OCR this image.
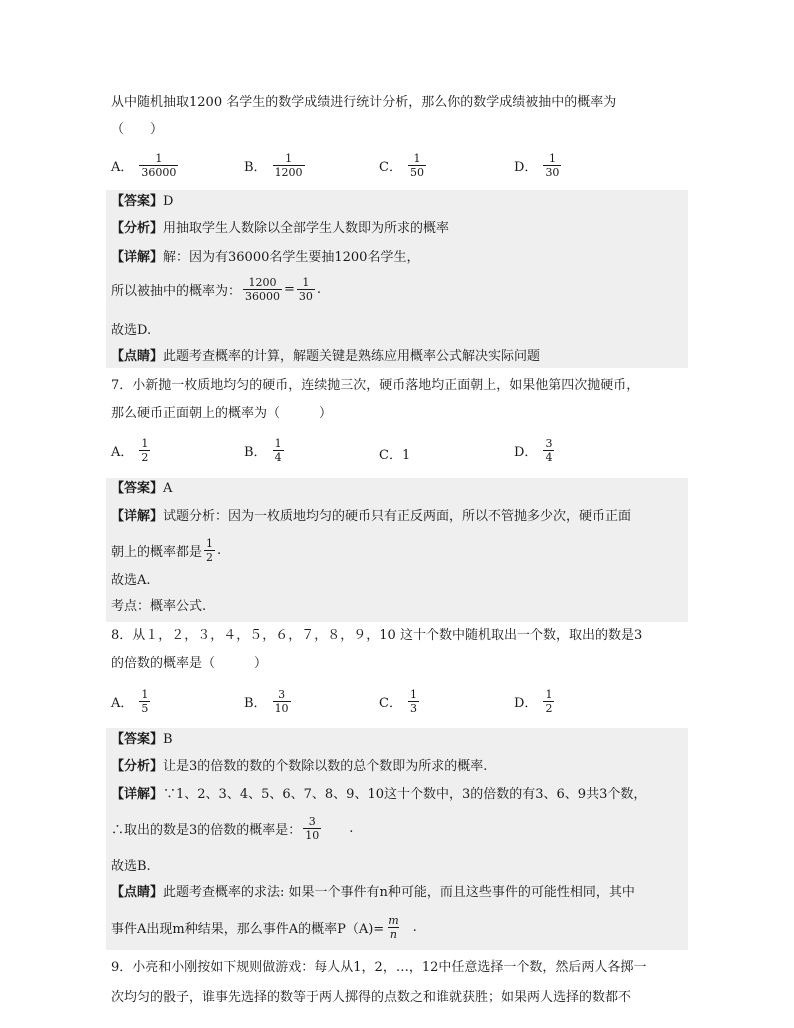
从中随机抽取1200 名学生的数学成绩进行统计分析，那么你的数学成绩被抽中的概率为
（　　）
A． $\frac{1}{36000}$	B． $\frac{1}{1200}$	C． $\frac{1}{50}$	D． $\frac{1}{30}$
【答案】D
【分析】用抽取学生人数除以全部学生人数即为所求的概率
【详解】解：因为有36000名学生要抽1200名学生，
所以被抽中的概率为： $\frac{1200}{36000} = \frac{1}{30}$ .
故选D.
【点睛】此题考查概率的计算，解题关键是熟练应用概率公式解决实际问题
7．小新抛一枚质地均匀的硬币，连续抛三次，硬币落地均正面朝上，如果他第四次抛硬币，
那么硬币正面朝上的概率为（　　　）
A． $\frac{1}{2}$	B． $\frac{1}{4}$	C．1	D． $\frac{3}{4}$
【答案】A
【详解】试题分析：因为一枚质地均匀的硬币只有正反两面，所以不管抛多少次，硬币正面
朝上的概率都是 $\frac{1}{2}$ .
故选A.
考点：概率公式.
8．从１，２，３，４，５，６，７，８，９，10 这十个数中随机取出一个数，取出的数是3
的倍数的概率是（　　　）
A． $\frac{1}{5}$	B． $\frac{3}{10}$	C． $\frac{1}{3}$	D． $\frac{1}{2}$
【答案】B
【分析】让是3的倍数的数的个数除以数的总个数即为所求的概率.
【详解】∵1、2、3、4、5、6、7、8、9、10这十个数中，3的倍数的有3、6、9共3个数，
∴取出的数是3的倍数的概率是： $\frac{3}{10}$ .
故选B.
【点睛】此题考查概率的求法: 如果一个事件有n种可能，而且这些事件的可能性相同，其中
事件A出现m种结果，那么事件A的概率$P(A)= \frac{m}{n}$ .
9．小亮和小刚按如下规则做游戏：每人从1，2，…，12中任意选择一个数，然后两人各掷一
次均匀的骰子，谁事先选择的数等于两人掷得的点数之和谁就获胜；如果两人选择的数都不
